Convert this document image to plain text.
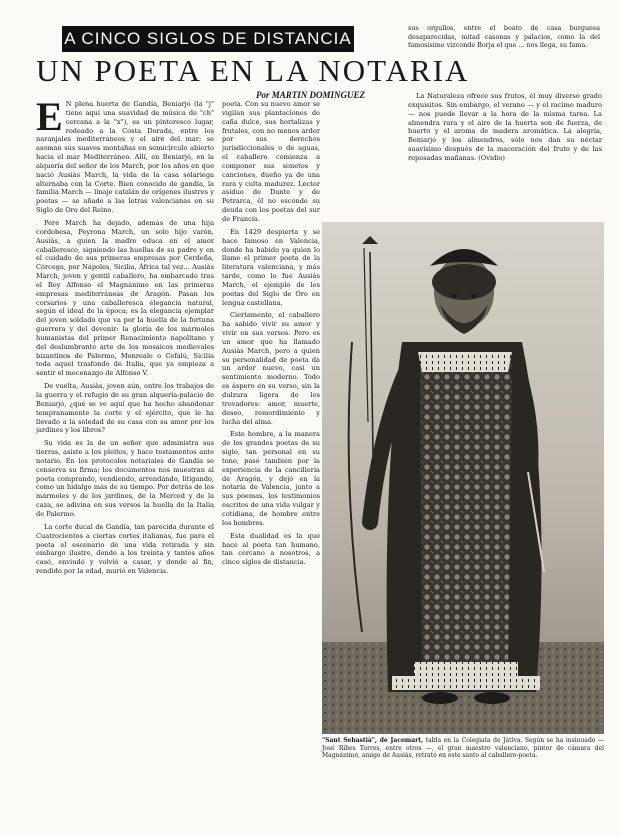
A CINCO SIGLOS DE DISTANCIA
UN POETA EN LA NOTARIA
Por MARTIN DOMINGUEZ
sus orgullos, entre el boato de casa burguesa desaparecidas, mitad casonas y palacios, como la del famosísimo vizconde Borja el que ... nos llega, su fama.

E N plena huerta de Gandía, Beniarjó (la "j" tiene aquí una suavidad de música de "ch" cercana a la "x"), es un pintoresco lugar, rodeado a la Costa Dorada, entre los naranjales mediterráneos y el aire del mar; se asoman sus suaves montañas en semicírculo abierto hacia el mar Mediterráneo. Allí, en Beniarjó, en la alquería del señor de los March, por los años en que nació Ausiàs March, la vida de la casa solariega alternaba con la Corte. Bien conocido de gandía, la familia March — linaje catalán de orígenes ilustres y poetas — se añade a las letras valencianas en su Siglo de Oro del Reino.

Pere March ha dejado, además de una hija cordobesa, Peyrona March, un solo hijo varón, Ausiàs, a quien la madre educa en el amor caballeresco, siguiendo las huellas de su padre y en el cuidado de sus primeras empresas por Cerdeña, Córcega, por Nápoles, Sicilia, África tal vez... Ausiàs March, joven y gentil caballero, ha embarcado tras el Rey Alfonso el Magnánimo en las primeras empresas mediterráneas de Aragón. Pasan los corsarios y una caballeresca elegancia natural, según el ideal de la época; es la elegancia ejemplar del joven soldado que va por la huella de la fortuna guerrera y del devenir: la gloria de los mármoles humanistas del primer Renacimiento napolitano y del deslumbrante arte de los mosaicos medievales bizantinos de Palermo, Monreale o Cefalú, Sicilia toda aquel trasfondo de Italia, que ya empieza a sentir el mecenazgo de Alfonso V.

De vuelta, Ausiàs, joven aún, entre los trabajos de la guerra y el refugio de su gran alquería-palacio de Beniarjó, ¿qué se ve aquí que ha hecho abandonar tempranamente la corte y el ejército, que le ha llevado a la soledad de su casa con su amor por los jardines y los libros?

Su vida es la de un señor que administra sus tierras, asiste a los pleitos, y hace testamentos ante notario. En los protocolos notariales de Gandía se conserva su firma; los documentos nos muestran al poeta comprando, vendiendo, arrendando, litigando, como un hidalgo más de su tiempo. Por detrás de los mármoles y de los jardines, de la Merced y de la caza, se adivina en sus versos la huella de la Italia de Palermo.

La corte ducal de Gandía, tan parecida durante el Cuatrocientos a ciertas cortes italianas, fue para el poeta el escenario de una vida retirada y sin embargo ilustre, donde a los treinta y tantos años casó, enviudó y volvió a casar, y donde al fin, rendido por la edad, murió en Valencia.

poeta. Con su nuevo amor se vigilan sus plantaciones de caña dulce, sus hortalizas y frutales, con no menos ardor por sus derechos jurisdiccionales o de aguas, el caballero comienza a componer sus sonetos y canciones, dueño ya de una rara y culta madurez. Lector asiduo de Dante y de Petrarca, él no esconde su deuda con los poetas del sur de Francia.

En 1429 despierta y se hace famoso en Valencia, donde ha habido ya quien lo llame el primer poeta de la literatura valenciana, y más tarde, como lo fue Ausiàs March, el ejemplo de los poetas del Siglo de Oro en lengua castellana.

Ciertamente, el caballero ha sabido vivir su amor y vivir en sus versos. Pero es un amor que ha llamado Ausiàs March, pero a quien su personalidad de poeta da un ardor nuevo, casi un sentimiento moderno. Todo es áspero en su verso, sin la dulzura ligera de los trovadores: amor, muerte, deseo, remordimiento y lucha del alma.

Este hombre, a la manera de los grandes poetas de su siglo, tan personal en su tono, pasó también por la experiencia de la cancillería de Aragón, y dejó en la notaría de Valencia, junto a sus poemas, los testimonios escritos de una vida vulgar y cotidiana, de hombre entre los hombres.

Esta dualidad es la que hace al poeta tan humano, tan cercano a nosotros, a cinco siglos de distancia.

La Naturaleza ofrece sus frutos, él muy diverso grado exquisitos. Sin embargo, el verano — y el racimo maduro — nos puede llevar a la hora de la misma tarea. La almendra rara y el aire de la huerta son de fuerza, de huerto y el aroma de madera aromática. La alegría, Beniarjó y los almendros, sólo nos dan su néctar suavísimo después de la maceración del fruto y de las reposadas mañanas. (Ovidio)

"Sant Sebastià", de Jacomart, tabla en la Colegiata de Játiva. Según se ha insinuado — José Ribes Torres, entre otros —, el gran maestro valenciano, pintor de cámara del Magnánimo, amigo de Ausiàs, retrató en este santo al caballero-poeta.
